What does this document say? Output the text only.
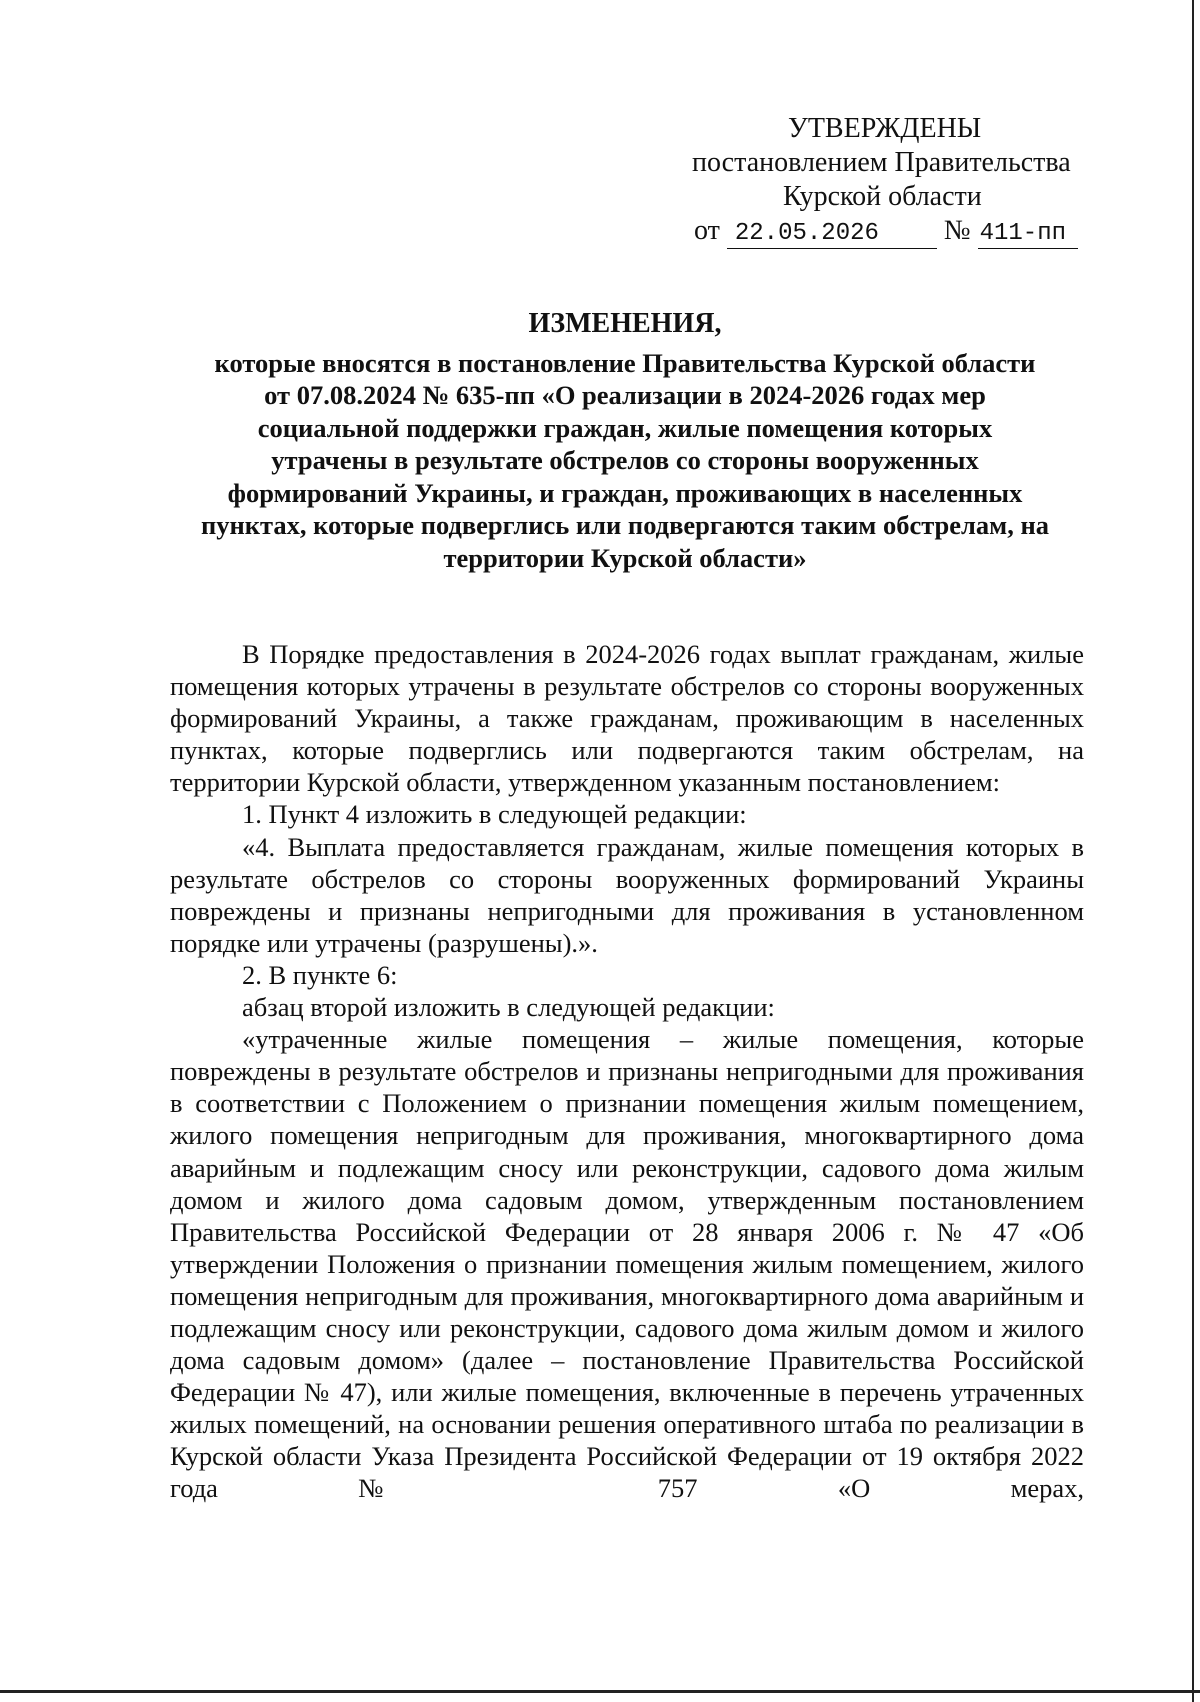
УТВЕРЖДЕНЫ
постановлением Правительства
Курской области
от 22.05.2026 № 411-пп
ИЗМЕНЕНИЯ,
которые вносятся в постановление Правительства Курской области
от 07.08.2024 № 635-пп «О реализации в 2024-2026 годах мер
социальной поддержки граждан, жилые помещения которых
утрачены в результате обстрелов со стороны вооруженных
формирований Украины, и граждан, проживающих в населенных
пунктах, которые подверглись или подвергаются таким обстрелам, на
территории Курской области»

В Порядке предоставления в 2024-2026 годах выплат гражданам, жилые помещения которых утрачены в результате обстрелов со стороны вооруженных формирований Украины, а также гражданам, проживающим в населенных пунктах, которые подверглись или подвергаются таким обстрелам, на территории Курской области, утвержденном указанным постановлением:

1. Пункт 4 изложить в следующей редакции:

«4. Выплата предоставляется гражданам, жилые помещения которых в результате обстрелов со стороны вооруженных формирований Украины повреждены и признаны непригодными для проживания в установленном порядке или утрачены (разрушены).».

2. В пункте 6:

абзац второй изложить в следующей редакции:

«утраченные жилые помещения – жилые помещения, которые повреждены в результате обстрелов и признаны непригодными для проживания в соответствии с Положением о признании помещения жилым помещением, жилого помещения непригодным для проживания, многоквартирного дома аварийным и подлежащим сносу или реконструкции, садового дома жилым домом и жилого дома садовым домом, утвержденным постановлением Правительства Российской Федерации от 28 января 2006 г. № 47 «Об утверждении Положения о признании помещения жилым помещением, жилого помещения непригодным для проживания, многоквартирного дома аварийным и подлежащим сносу или реконструкции, садового дома жилым домом и жилого дома садовым домом» (далее – постановление Правительства Российской Федерации № 47), или жилые помещения, включенные в перечень утраченных жилых помещений, на основании решения оперативного штаба по реализации в Курской области Указа Президента Российской Федерации от 19 октября 2022 года № 757 «О мерах,
